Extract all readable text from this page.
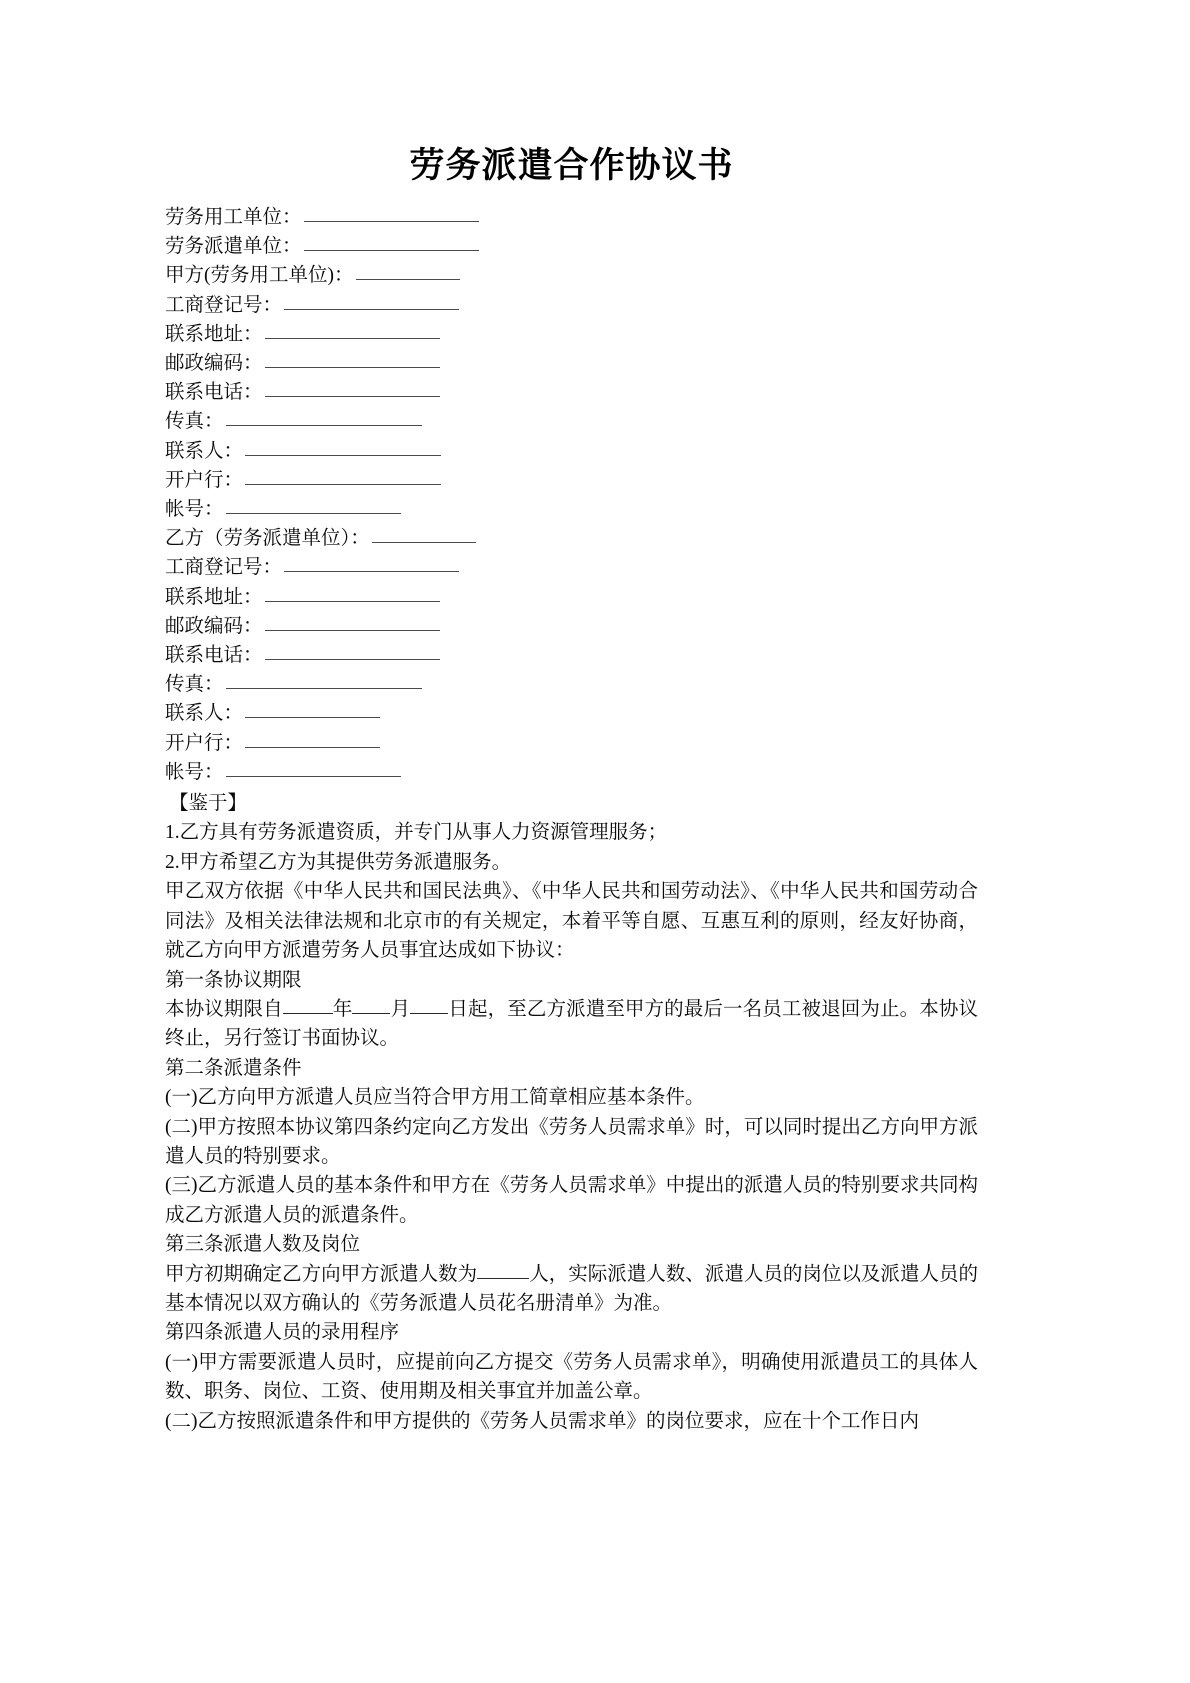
劳务派遣合作协议书
劳务用工单位：
劳务派遣单位：
甲方(劳务用工单位)：
工商登记号：
联系地址：
邮政编码：
联系电话：
传真：
联系人：
开户行：
帐号：
乙方（劳务派遣单位）：
工商登记号：
联系地址：
邮政编码：
联系电话：
传真：
联系人：
开户行：
帐号：

【鉴于】

1.乙方具有劳务派遣资质，并专门从事人力资源管理服务；

2.甲方希望乙方为其提供劳务派遣服务。

甲乙双方依据《中华人民共和国民法典》、《中华人民共和国劳动法》、《中华人民共和国劳动合同法》及相关法律法规和北京市的有关规定，本着平等自愿、互惠互利的原则，经友好协商，就乙方向甲方派遣劳务人员事宜达成如下协议：

第一条协议期限

本协议期限自	年 月 日起，至乙方派遣至甲方的最后一名员工被退回为止。本协议终止，另行签订书面协议。

第二条派遣条件

(一)乙方向甲方派遣人员应当符合甲方用工简章相应基本条件。

(二)甲方按照本协议第四条约定向乙方发出《劳务人员需求单》时，可以同时提出乙方向甲方派遣人员的特别要求。

(三)乙方派遣人员的基本条件和甲方在《劳务人员需求单》中提出的派遣人员的特别要求共同构成乙方派遣人员的派遣条件。

第三条派遣人数及岗位

甲方初期确定乙方向甲方派遣人数为	人，实际派遣人数、派遣人员的岗位以及派遣人员的基本情况以双方确认的《劳务派遣人员花名册清单》为准。

第四条派遣人员的录用程序

(一)甲方需要派遣人员时，应提前向乙方提交《劳务人员需求单》，明确使用派遣员工的具体人数、职务、岗位、工资、使用期及相关事宜并加盖公章。

(二)乙方按照派遣条件和甲方提供的《劳务人员需求单》的岗位要求，应在十个工作日内
